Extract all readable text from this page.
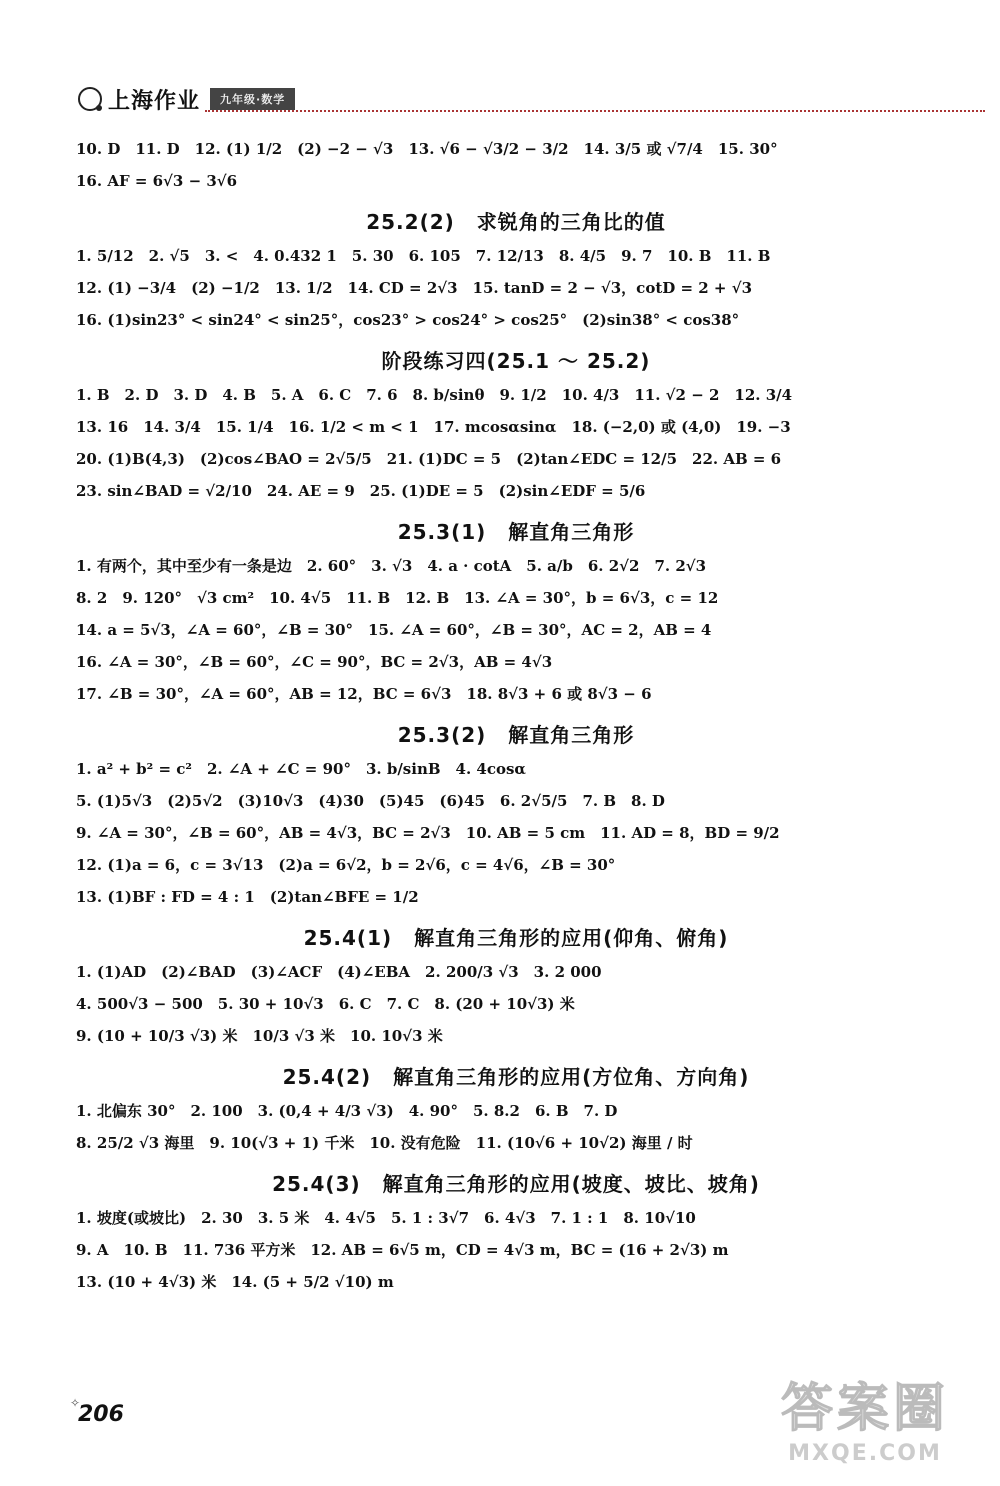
上海作业	九年级·数学
10. D　11. D　12. (1) 1/2　(2) −2 − √3　13. √6 − √3/2 − 3/2　14. 3/5 或 √7/4　15. 30°
16. AF = 6√3 − 3√6
25.2(2) 求锐角的三角比的值
1. 5/12　2. √5　3. <　4. 0.432 1　5. 30　6. 105　7. 12/13　8. 4/5　9. 7　10. B　11. B
12. (1) −3/4　(2) −1/2　13. 1/2　14. CD = 2√3　15. tanD = 2 − √3，cotD = 2 + √3
16. (1)sin23° < sin24° < sin25°，cos23° > cos24° > cos25°　(2)sin38° < cos38°
阶段练习四(25.1 ～ 25.2)
1. B　2. D　3. D　4. B　5. A　6. C　7. 6　8. b/sinθ　9. 1/2　10. 4/3　11. √2 − 2　12. 3/4
13. 16　14. 3/4　15. 1/4　16. 1/2 < m < 1　17. mcosαsinα　18. (−2,0) 或 (4,0)　19. −3
20. (1)B(4,3)　(2)cos∠BAO = 2√5/5　21. (1)DC = 5　(2)tan∠EDC = 12/5　22. AB = 6
23. sin∠BAD = √2/10　24. AE = 9　25. (1)DE = 5　(2)sin∠EDF = 5/6
25.3(1) 解直角三角形
1. 有两个，其中至少有一条是边　2. 60°　3. √3　4. a · cotA　5. a/b　6. 2√2　7. 2√3
8. 2　9. 120°　√3 cm²　10. 4√5　11. B　12. B　13. ∠A = 30°，b = 6√3，c = 12
14. a = 5√3，∠A = 60°，∠B = 30°　15. ∠A = 60°，∠B = 30°，AC = 2，AB = 4
16. ∠A = 30°，∠B = 60°，∠C = 90°，BC = 2√3，AB = 4√3
17. ∠B = 30°，∠A = 60°，AB = 12，BC = 6√3　18. 8√3 + 6 或 8√3 − 6
25.3(2) 解直角三角形
1. a² + b² = c²　2. ∠A + ∠C = 90°　3. b/sinB　4. 4cosα
5. (1)5√3　(2)5√2　(3)10√3　(4)30　(5)45　(6)45　6. 2√5/5　7. B　8. D
9. ∠A = 30°，∠B = 60°，AB = 4√3，BC = 2√3　10. AB = 5 cm　11. AD = 8，BD = 9/2
12. (1)a = 6，c = 3√13　(2)a = 6√2，b = 2√6，c = 4√6，∠B = 30°
13. (1)BF : FD = 4 : 1　(2)tan∠BFE = 1/2
25.4(1) 解直角三角形的应用(仰角、俯角)
1. (1)AD　(2)∠BAD　(3)∠ACF　(4)∠EBA　2. 200/3 √3　3. 2 000
4. 500√3 − 500　5. 30 + 10√3　6. C　7. C　8. (20 + 10√3) 米
9. (10 + 10/3 √3) 米　10/3 √3 米　10. 10√3 米
25.4(2) 解直角三角形的应用(方位角、方向角)
1. 北偏东 30°　2. 100　3. (0,4 + 4/3 √3)　4. 90°　5. 8.2　6. B　7. D
8. 25/2 √3 海里　9. 10(√3 + 1) 千米　10. 没有危险　11. (10√6 + 10√2) 海里 / 时
25.4(3) 解直角三角形的应用(坡度、坡比、坡角)
1. 坡度(或坡比)　2. 30　3. 5 米　4. 4√5　5. 1 : 3√7　6. 4√3　7. 1 : 1　8. 10√10
9. A　10. B　11. 736 平方米　12. AB = 6√5 m，CD = 4√3 m，BC = (16 + 2√3) m
13. (10 + 4√3) 米　14. (5 + 5/2 √10) m
✧
206	答案圈
MXQE.COM
